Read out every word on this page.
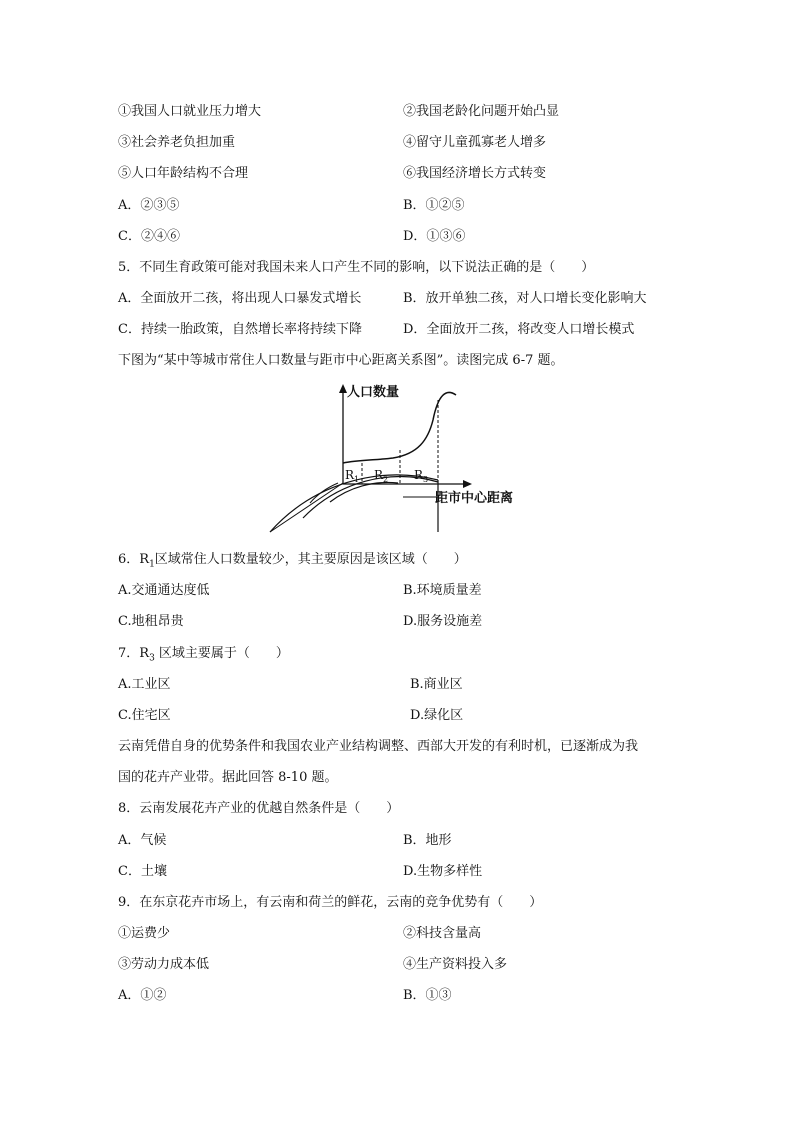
①我国人口就业压力增大	②我国老龄化问题开始凸显
③社会养老负担加重	④留守儿童孤寡老人增多
⑤人口年龄结构不合理	⑥我国经济增长方式转变
A．②③⑤	B．①②⑤
C．②④⑥	D．①③⑥
5．不同生育政策可能对我国未来人口产生不同的影响，以下说法正确的是（　　）
A．全面放开二孩，将出现人口暴发式增长	B．放开单独二孩，对人口增长变化影响大
C．持续一胎政策，自然增长率将持续下降	D．全面放开二孩，将改变人口增长模式
下图为“某中等城市常住人口数量与距市中心距离关系图”。读图完成 6-7 题。
人口数量
距市中心距离
$R_1$ $R_2$ $R_3$
6．$R_1$区域常住人口数量较少，其主要原因是该区域（　　）
A.交通通达度低	B.环境质量差
C.地租昂贵	D.服务设施差
7．$R_3$ 区域主要属于（　　）
A.工业区	B.商业区
C.住宅区	D.绿化区
云南凭借自身的优势条件和我国农业产业结构调整、西部大开发的有利时机，已逐渐成为我
国的花卉产业带。据此回答 8-10 题。
8．云南发展花卉产业的优越自然条件是（　　）
A．气候	B．地形
C．土壤	D.生物多样性
9．在东京花卉市场上，有云南和荷兰的鲜花，云南的竞争优势有（　　）
①运费少	②科技含量高
③劳动力成本低	④生产资料投入多
A．①②	B．①③
